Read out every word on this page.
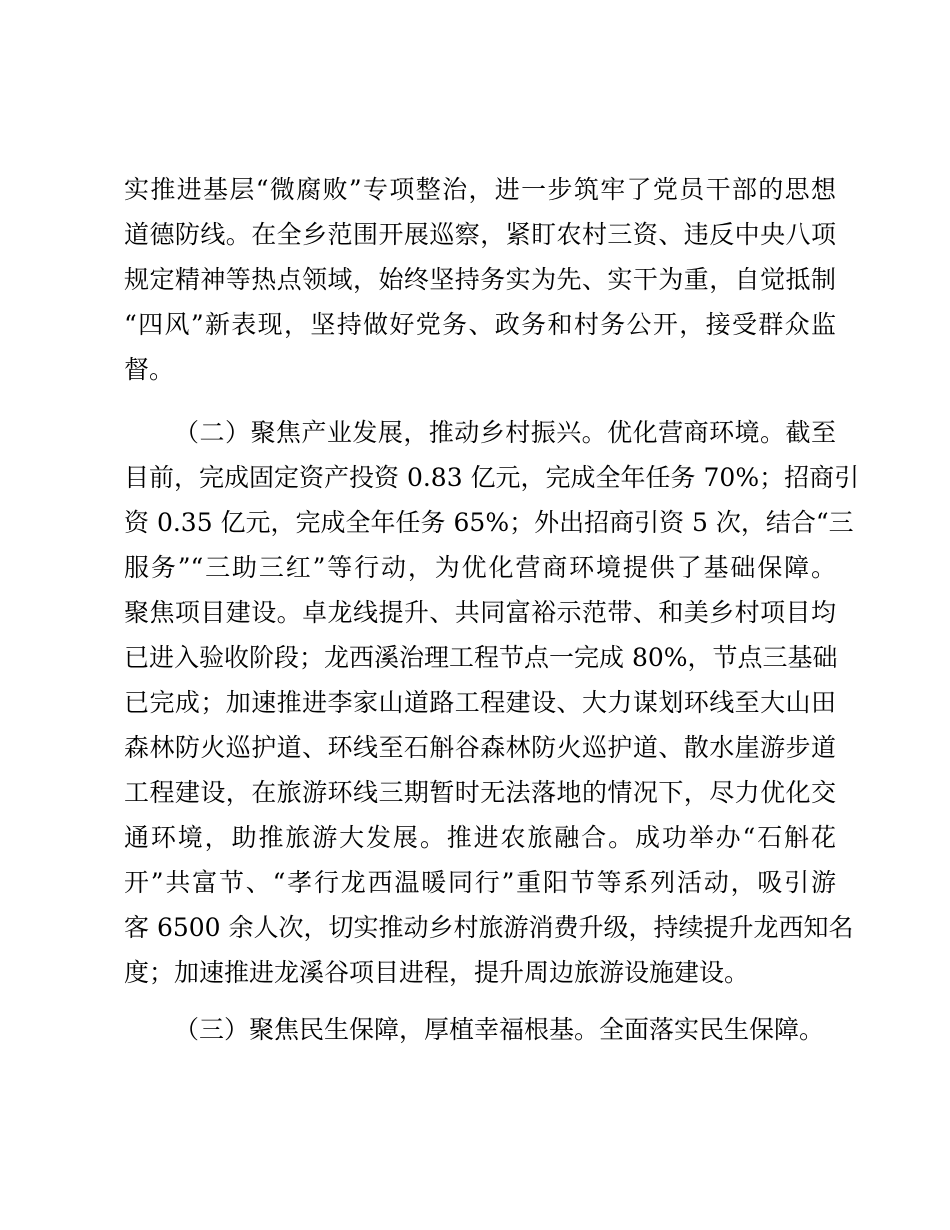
实推进基层“微腐败”专项整治，进一步筑牢了党员干部的思想
道德防线。在全乡范围开展巡察，紧盯农村三资、违反中央八项
规定精神等热点领域，始终坚持务实为先、实干为重，自觉抵制
“四风”新表现，坚持做好党务、政务和村务公开，接受群众监
督。
（二）聚焦产业发展，推动乡村振兴。优化营商环境。截至
目前，完成固定资产投资 0.83 亿元，完成全年任务 70%；招商引
资 0.35 亿元，完成全年任务 65%；外出招商引资 5 次，结合“三
服务”“三助三红”等行动，为优化营商环境提供了基础保障。
聚焦项目建设。卓龙线提升、共同富裕示范带、和美乡村项目均
已进入验收阶段；龙西溪治理工程节点一完成 80%，节点三基础
已完成；加速推进李家山道路工程建设、大力谋划环线至大山田
森林防火巡护道、环线至石斛谷森林防火巡护道、散水崖游步道
工程建设，在旅游环线三期暂时无法落地的情况下，尽力优化交
通环境，助推旅游大发展。推进农旅融合。成功举办“石斛花
开”共富节、“孝行龙西温暖同行”重阳节等系列活动，吸引游
客 6500 余人次，切实推动乡村旅游消费升级，持续提升龙西知名
度；加速推进龙溪谷项目进程，提升周边旅游设施建设。
（三）聚焦民生保障，厚植幸福根基。全面落实民生保障。
